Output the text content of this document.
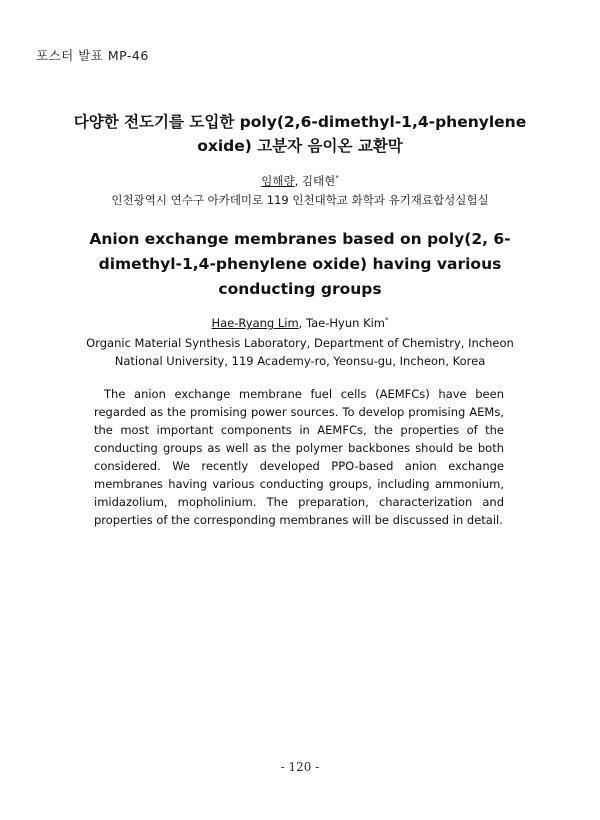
포스터 발표 MP-46
다양한 전도기를 도입한 poly(2,6-dimethyl-1,4-phenylene oxide) 고분자 음이온 교환막
임해량, 김태현*
인천광역시 연수구 아카데미로 119 인천대학교 화학과 유기재료합성실험실
Anion exchange membranes based on poly(2, 6-dimethyl-1,4-phenylene oxide) having various conducting groups
Hae-Ryang Lim, Tae-Hyun Kim*
Organic Material Synthesis Laboratory, Department of Chemistry, Incheon National University, 119 Academy-ro, Yeonsu-gu, Incheon, Korea

The anion exchange membrane fuel cells (AEMFCs) have been regarded as the promising power sources. To develop promising AEMs, the most important components in AEMFCs, the properties of the conducting groups as well as the polymer backbones should be both considered. We recently developed PPO-based anion exchange membranes having various conducting groups, including ammonium, imidazolium, mopholinium. The preparation, characterization and properties of the corresponding membranes will be discussed in detail.

- 120 -
